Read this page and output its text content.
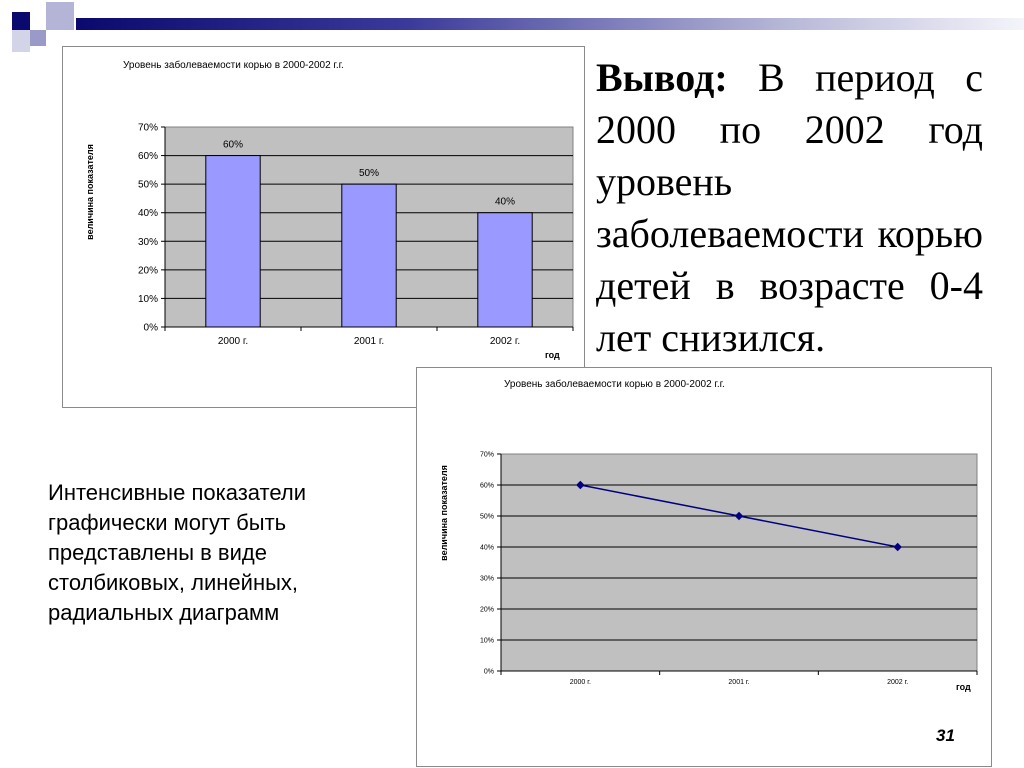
0%
10%
20%
30%
40%
50%
60%
70%
60%
2000 г.
50%
2001 г.
40%
2002 г.
Уровень заболеваемости корью в 2000-2002 г.г.
величина показателя
год
0%
10%
20%
30%
40%
50%
60%
70%
2000 г.	2001 г.	2002 г.
Уровень заболеваемости корью в 2000-2002 г.г.
величина показателя
год
Вывод: В период с 2000 по 2002 год уровень заболеваемости корью детей в возрасте 0-4 лет снизился.
Интенсивные показатели графически могут быть представлены в виде столбиковых, линейных, радиальных диаграмм
31
